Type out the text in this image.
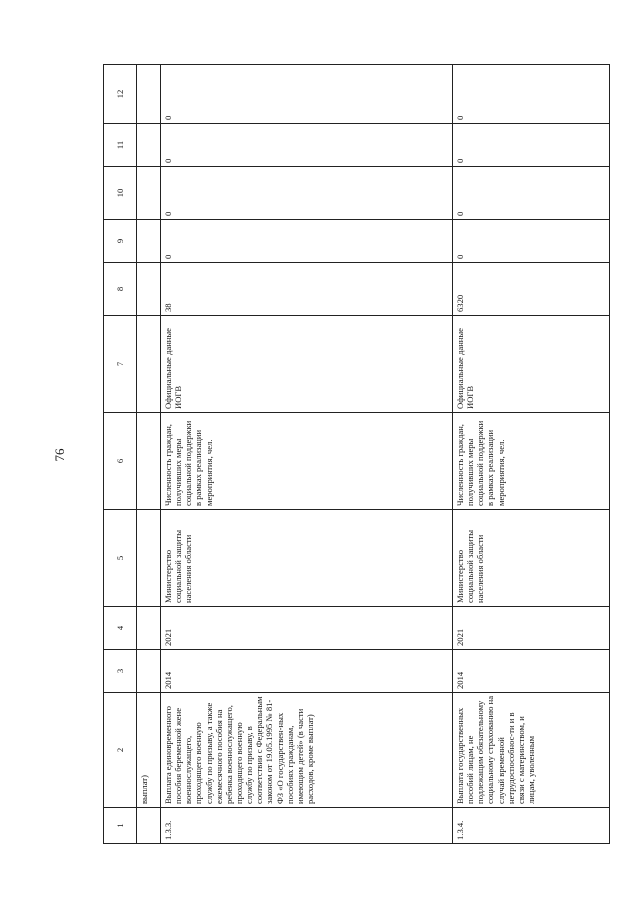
76
1	2	3	4	5	6	7	8	9	10	11	12
	выплат)										
1.3.3.	Выплата единовременного пособия беременной жене военнослужащего, проходящего военную службу по призыву, а также ежемесячного пособия на ребенка военнослужащего, проходящего военную службу по призыву, в соответствии с Федеральным законом от 19.05.1995 № 81-ФЗ «О государствен-ных пособиях гражданам, имеющим детей» (в части расходов, кроме выплат)	2014	2021	Министерство социальной защиты населения области	Численность граждан, получивших меры социальной поддержки в рамках реализации мероприятия, чел.	Официальные данные ИОГВ	38	0	0	0	0
1.3.4.	Выплата государственных пособий лицам, не подлежащим обязательному социальному страхованию на случай временной нетрудоспособнос-ти и в связи с материнством, и лицам, уволенным	2014	2021	Министерство социальной защиты населения области	Численность граждан, получивших меры социальной поддержки в рамках реализации мероприятия, чел.	Официальные данные ИОГВ	6320	0	0	0	0
